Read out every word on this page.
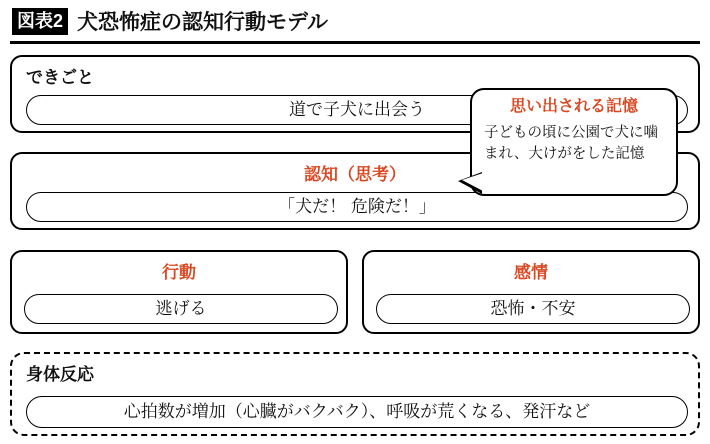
図表2 犬恐怖症の認知行動モデル
できごと
道で子犬に出会う
認知（思考）
「犬だ！ 危険だ！」
行動
逃げる
感情
恐怖・不安
身体反応
心拍数が増加（心臓がバクバク）、呼吸が荒くなる、発汗など
思い出される記憶
子どもの頃に公園で犬に噛まれ、大けがをした記憶
